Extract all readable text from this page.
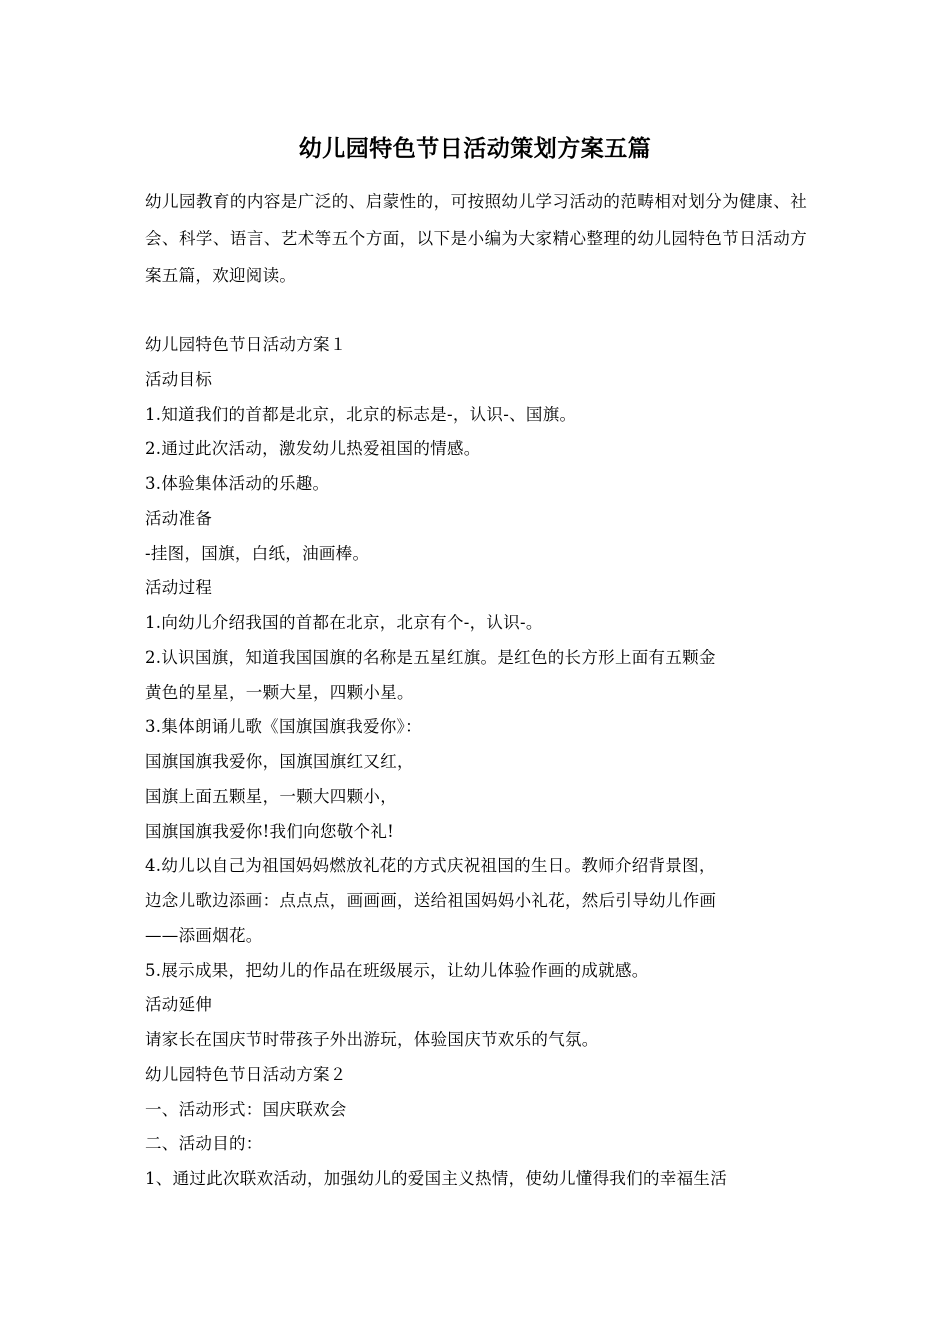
幼儿园特色节日活动策划方案五篇
幼儿园教育的内容是广泛的、启蒙性的，可按照幼儿学习活动的范畴相对划分为健康、社会、科学、语言、艺术等五个方面，以下是小编为大家精心整理的幼儿园特色节日活动方案五篇，欢迎阅读。
幼儿园特色节日活动方案１
活动目标
1.知道我们的首都是北京，北京的标志是-，认识-、国旗。
2.通过此次活动，激发幼儿热爱祖国的情感。
3.体验集体活动的乐趣。
活动准备
-挂图，国旗，白纸，油画棒。
活动过程
1.向幼儿介绍我国的首都在北京，北京有个-，认识-。
2.认识国旗，知道我国国旗的名称是五星红旗。是红色的长方形上面有五颗金
黄色的星星，一颗大星，四颗小星。
3.集体朗诵儿歌《国旗国旗我爱你》：
国旗国旗我爱你，国旗国旗红又红，
国旗上面五颗星，一颗大四颗小，
国旗国旗我爱你!我们向您敬个礼!
4.幼儿以自己为祖国妈妈燃放礼花的方式庆祝祖国的生日。教师介绍背景图，
边念儿歌边添画：点点点，画画画，送给祖国妈妈小礼花，然后引导幼儿作画
——添画烟花。
5.展示成果，把幼儿的作品在班级展示，让幼儿体验作画的成就感。
活动延伸
请家长在国庆节时带孩子外出游玩，体验国庆节欢乐的气氛。
幼儿园特色节日活动方案２
一、活动形式：国庆联欢会
二、活动目的：
1、通过此次联欢活动，加强幼儿的爱国主义热情，使幼儿懂得我们的幸福生活
